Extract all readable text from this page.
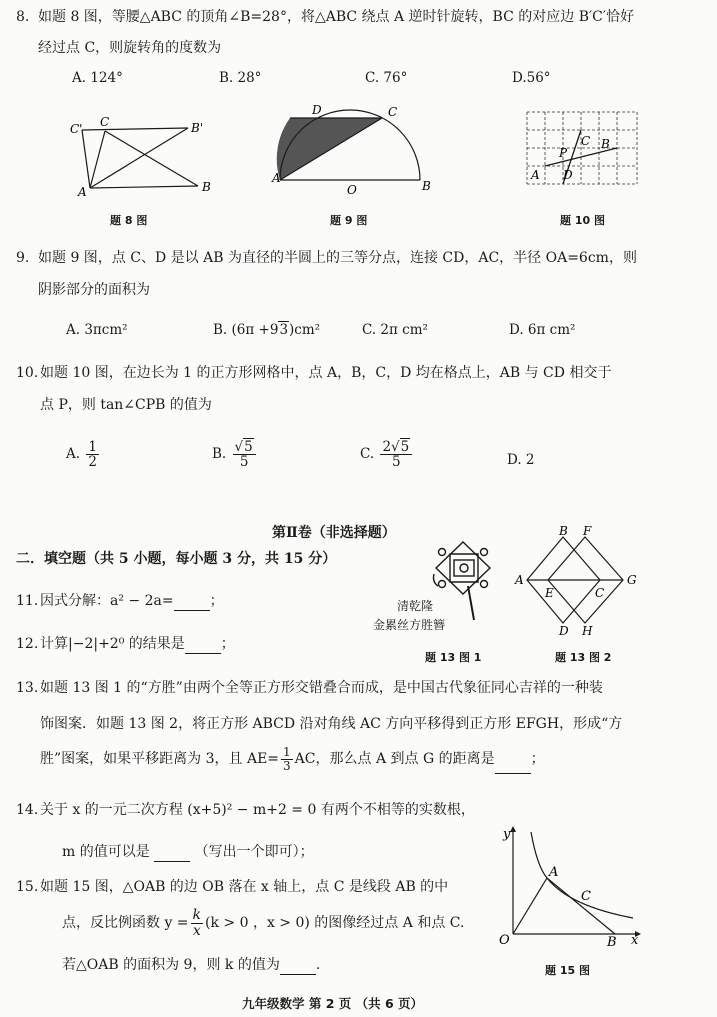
8. 如题 8 图，等腰△ABC 的顶角∠B=28°，将△ABC 绕点 A 逆时针旋转，BC 的对应边 B′C′恰好
经过点 C，则旋转角的度数为
A. 124°	B. 28°	C. 76°	D.56°
C' C	B'
A	B
题 8 图
D	C
A
O	B
题 9 图
C
P
B
A D
题 10 图
9. 如题 9 图，点 C、D 是以 AB 为直径的半圆上的三等分点，连接 CD，AC，半径 OA=6cm，则
阴影部分的面积为
A. 3πcm²	B. (6π +93)cm²	C. 2π cm²	D. 6π cm²
10. 如题 10 图，在边长为 1 的正方形网格中，点 A，B，C，D 均在格点上，AB 与 CD 相交于
点 P，则 tan∠CPB 的值为
A. $\frac{1}{2}$	B. $\frac{√5}{5}$	C. $\frac{2√5}{5}$	D. 2
第Ⅱ卷（非选择题）
二．填空题（共 5 小题，每小题 3 分，共 15 分）
11. 因式分解：a² − 2a=	；
12. 计算|−2|+2⁰ 的结果是	；
清乾隆
金累丝方胜簪
题 13 图 1
B F
A	G
E	C
D H
题 13 图 2
13. 如题 13 图 1 的“方胜”由两个全等正方形交错叠合而成，是中国古代象征同心吉祥的一种装
饰图案．如题 13 图 2，将正方形 ABCD 沿对角线 AC 方向平移得到正方形 EFGH，形成“方
胜”图案，如果平移距离为 3，且 $AE= \frac{1}{3}$ AC，那么点 A 到点 G 的距离是	；
14. 关于 x 的一元二次方程 (x+5)² − m+2 = 0 有两个不相等的实数根，
m 的值可以是	（写出一个即可）；
15. 如题 15 图，△OAB 的边 OB 落在 x 轴上，点 C 是线段 AB 的中
点，反比例函数 $y = \frac{k}{x} (k > 0$ ，x > 0) 的图像经过点 A 和点 C.
若△OAB 的面积为 9，则 k 的值为	.
y
A
C
O	B x
题 15 图
九年级数学 第 2 页 （共 6 页）
